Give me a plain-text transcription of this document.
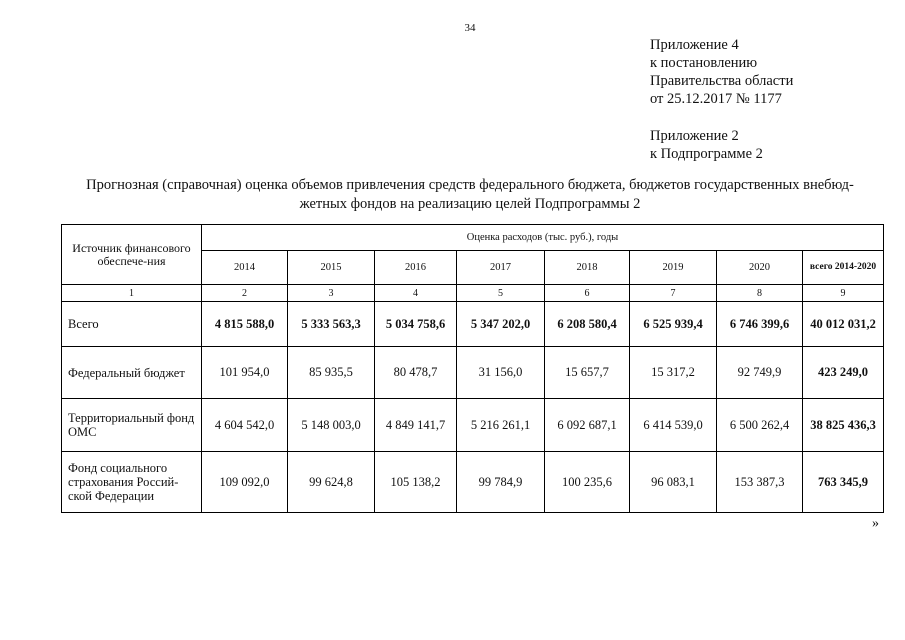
34
Приложение 4
к постановлению
Правительства области
от 25.12.2017 № 1177
Приложение 2
к Подпрограмме 2
Прогнозная (справочная) оценка объемов привлечения средств федерального бюджета, бюджетов государственных внебюд-
жетных фондов на реализацию целей Подпрограммы 2
Источник финансового обеспече-ния	Оценка расходов (тыс. руб.), годы							
	2014	2015	2016	2017	2018	2019	2020	всего 2014-2020
1	2	3	4	5	6	7	8	9
Всего	4 815 588,0	5 333 563,3	5 034 758,6	5 347 202,0	6 208 580,4	6 525 939,4	6 746 399,6	40 012 031,2
Федеральный бюджет	101 954,0	85 935,5	80 478,7	31 156,0	15 657,7	15 317,2	92 749,9	423 249,0
Территориальный фонд ОМС	4 604 542,0	5 148 003,0	4 849 141,7	5 216 261,1	6 092 687,1	6 414 539,0	6 500 262,4	38 825 436,3
Фонд социального страхования Россий-ской Федерации	109 092,0	99 624,8	105 138,2	99 784,9	100 235,6	96 083,1	153 387,3	763 345,9
»
